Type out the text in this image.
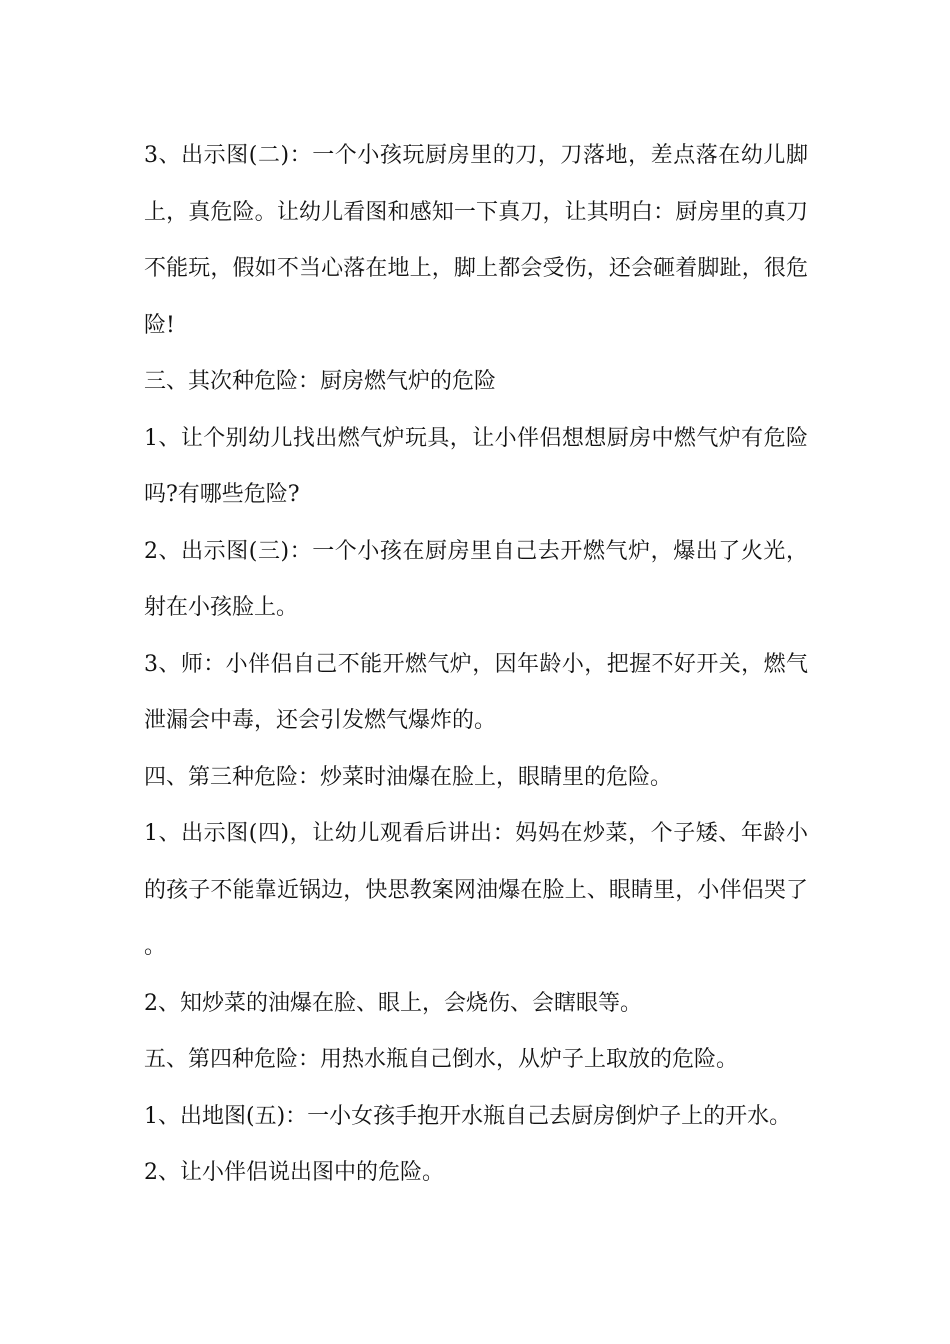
3、出示图(二)：一个小孩玩厨房里的刀，刀落地，差点落在幼儿脚上，真危险。让幼儿看图和感知一下真刀，让其明白：厨房里的真刀不能玩，假如不当心落在地上，脚上都会受伤，还会砸着脚趾，很危险!

三、其次种危险：厨房燃气炉的危险

1、让个别幼儿找出燃气炉玩具，让小伴侣想想厨房中燃气炉有危险吗?有哪些危险?

2、出示图(三)：一个小孩在厨房里自己去开燃气炉，爆出了火光，射在小孩脸上。

3、师：小伴侣自己不能开燃气炉，因年龄小，把握不好开关，燃气泄漏会中毒，还会引发燃气爆炸的。

四、第三种危险：炒菜时油爆在脸上，眼睛里的危险。

1、出示图(四)，让幼儿观看后讲出：妈妈在炒菜，个子矮、年龄小的孩子不能靠近锅边，快思教案网油爆在脸上、眼睛里，小伴侣哭了。

2、知炒菜的油爆在脸、眼上，会烧伤、会瞎眼等。

五、第四种危险：用热水瓶自己倒水，从炉子上取放的危险。

1、出地图(五)：一小女孩手抱开水瓶自己去厨房倒炉子上的开水。

2、让小伴侣说出图中的危险。
